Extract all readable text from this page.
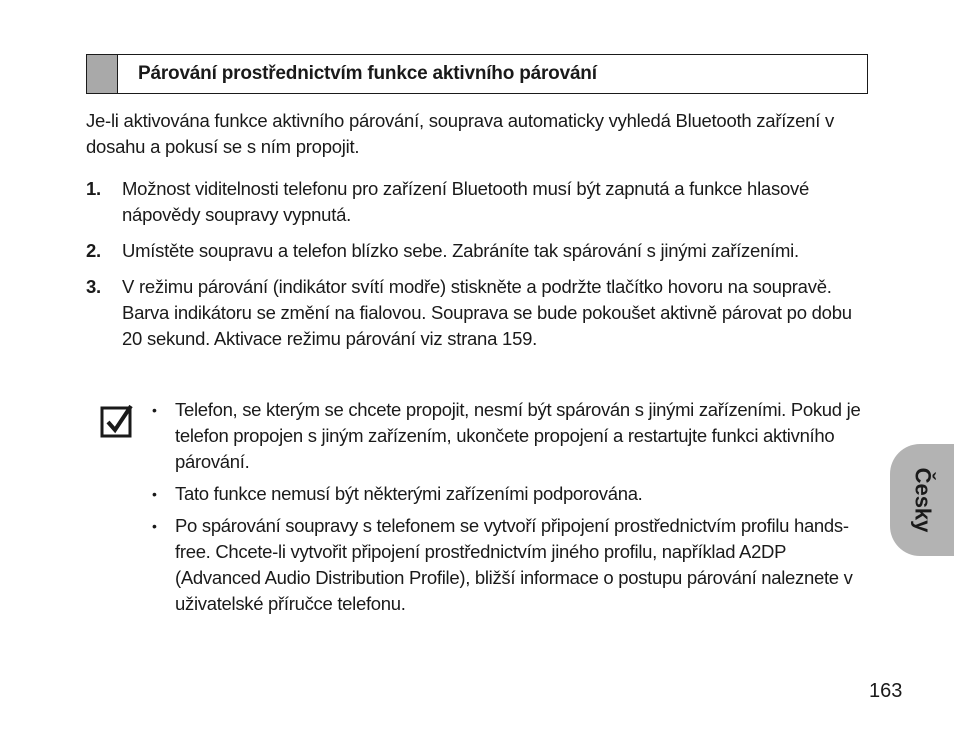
Párování prostřednictvím funkce aktivního párování
Je-li aktivována funkce aktivního párování, souprava automaticky vyhledá Bluetooth zařízení v dosahu a pokusí se s ním propojit.
1.	Možnost viditelnosti telefonu pro zařízení Bluetooth musí být zapnutá a funkce hlasové nápovědy soupravy vypnutá.
2.	Umístěte soupravu a telefon blízko sebe. Zabráníte tak spárování s jinými zařízeními.
3.	V režimu párování (indikátor svítí modře) stiskněte a podržte tlačítko hovoru na soupravě. Barva indikátoru se změní na fialovou. Souprava se bude pokoušet aktivně párovat po dobu 20 sekund. Aktivace režimu párování viz strana 159.
• Telefon, se kterým se chcete propojit, nesmí být spárován s jinými zařízeními. Pokud je telefon propojen s jiným zařízením, ukončete propojení a restartujte funkci aktivního párování.
• Tato funkce nemusí být některými zařízeními podporována.
• Po spárování soupravy s telefonem se vytvoří připojení prostřednictvím profilu hands-free. Chcete-li vytvořit připojení prostřednictvím jiného profilu, například A2DP (Advanced Audio Distribution Profile), bližší informace o postupu párování naleznete v uživatelské příručce telefonu.
Česky
163
